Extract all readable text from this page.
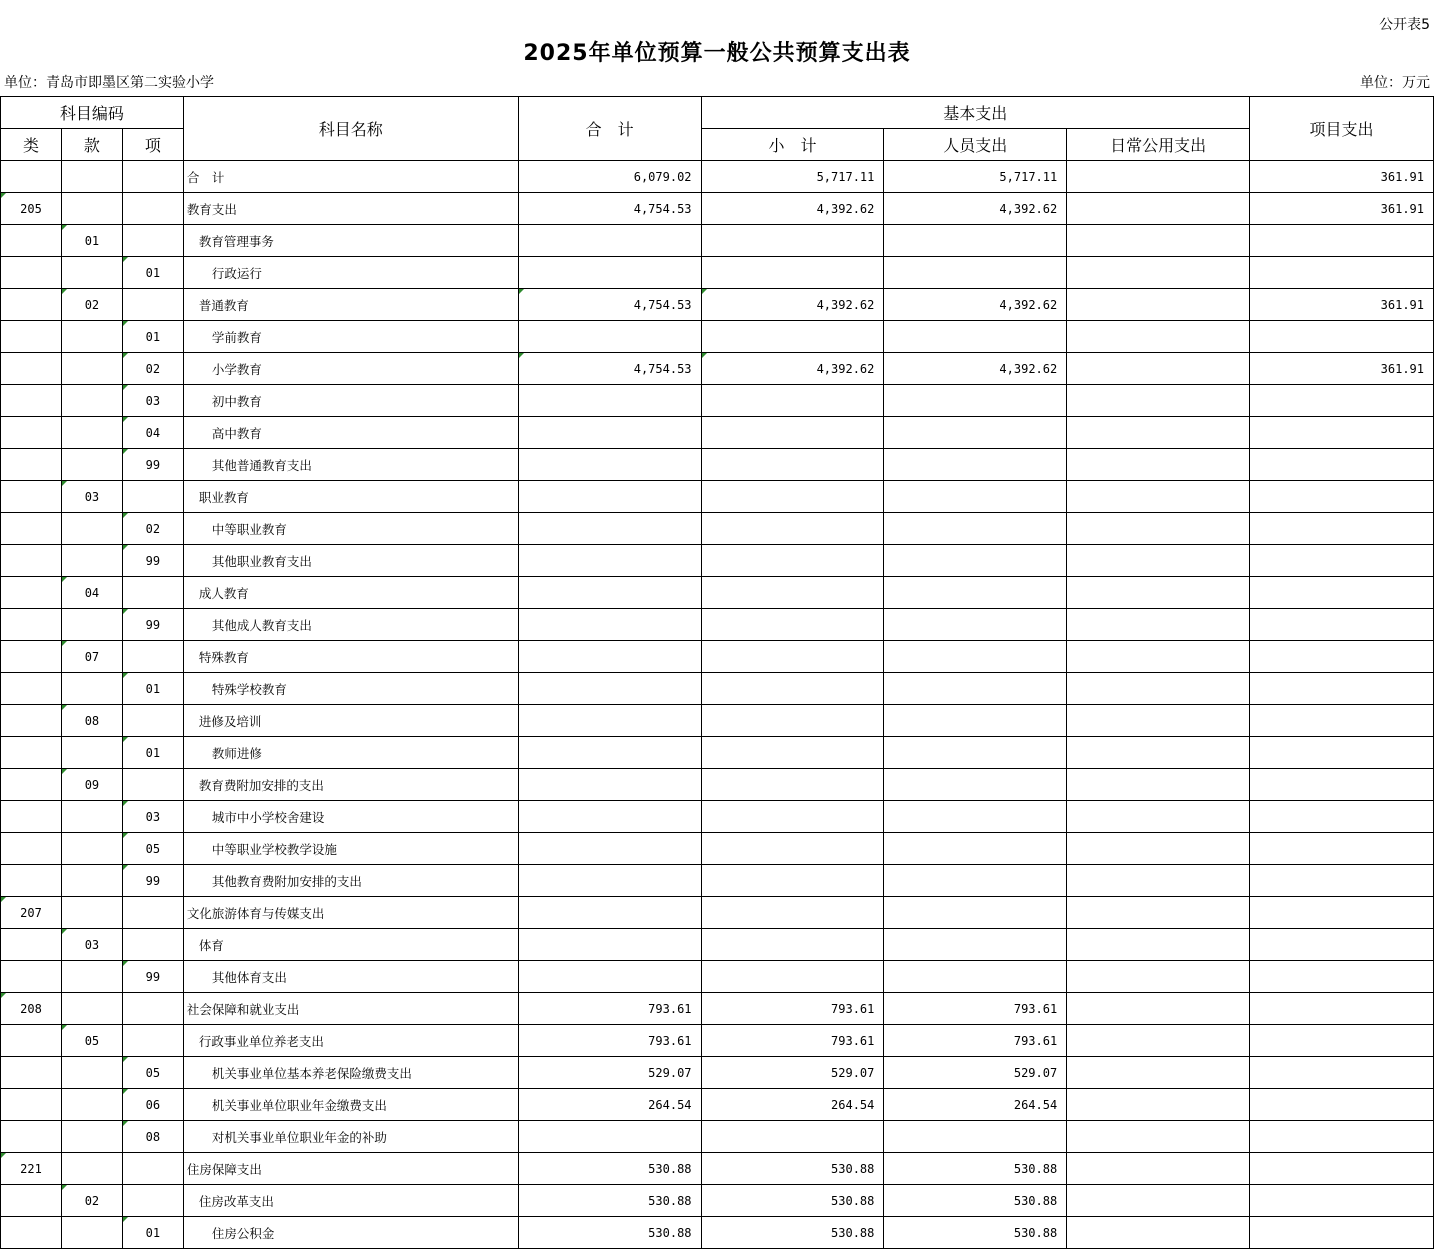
公开表5
2025年单位预算一般公共预算支出表
单位：青岛市即墨区第二实验小学	单位：万元
科目编码			科目名称	合　计	基本支出			项目支出
类	款	项			小　计	人员支出	日常公用支出	
			合　计	6,079.02	5,717.11	5,717.11		361.91
205			教育支出	4,754.53	4,392.62	4,392.62		361.91
	01		教育管理事务					
		01	行政运行					
	02		普通教育	4,754.53	4,392.62	4,392.62		361.91
		01	学前教育					
		02	小学教育	4,754.53	4,392.62	4,392.62		361.91
		03	初中教育					
		04	高中教育					
		99	其他普通教育支出					
	03		职业教育					
		02	中等职业教育					
		99	其他职业教育支出					
	04		成人教育					
		99	其他成人教育支出					
	07		特殊教育					
		01	特殊学校教育					
	08		进修及培训					
		01	教师进修					
	09		教育费附加安排的支出					
		03	城市中小学校舍建设					
		05	中等职业学校教学设施					
		99	其他教育费附加安排的支出					
207			文化旅游体育与传媒支出					
	03		体育					
		99	其他体育支出					
208			社会保障和就业支出	793.61	793.61	793.61		
	05		行政事业单位养老支出	793.61	793.61	793.61		
		05	机关事业单位基本养老保险缴费支出	529.07	529.07	529.07		
		06	机关事业单位职业年金缴费支出	264.54	264.54	264.54		
		08	对机关事业单位职业年金的补助					
221			住房保障支出	530.88	530.88	530.88		
	02		住房改革支出	530.88	530.88	530.88		
		01	住房公积金	530.88	530.88	530.88		
